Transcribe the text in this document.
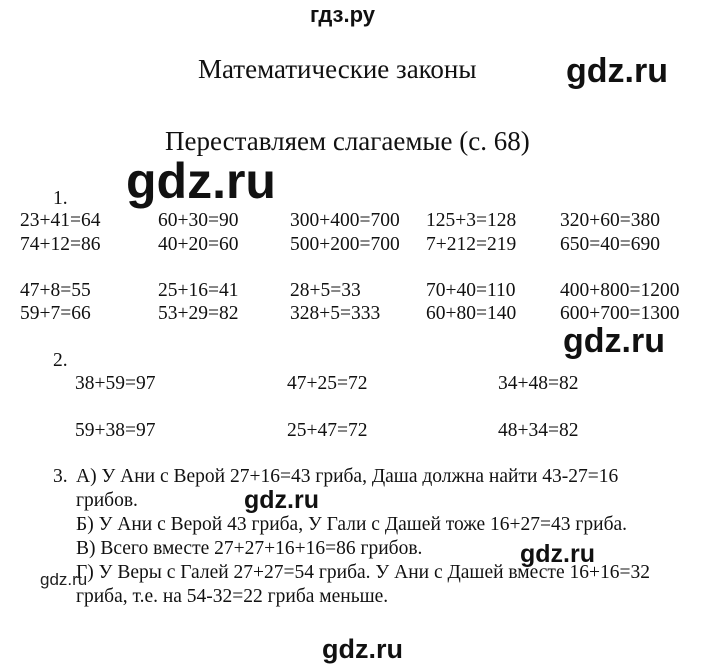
гдз.ру
gdz.ru
gdz.ru
gdz.ru
gdz.ru
gdz.ru
gdz.ru
gdz.ru
Математические законы
Переставляем слагаемые (с. 68)
1.
23+41=64	60+30=90	300+400=700 125+3=128 320+60=380
74+12=86	40+20=60	500+200=700 7+212=219 650=40=690
47+8=55	25+16=41	28+5=33	70+40=110 400+800=1200
59+7=66	53+29=82	328+5=333 60+80=140 600+700=1300
2.
38+59=97	47+25=72	34+48=82
59+38=97	25+47=72	48+34=82
3. А) У Ани с Верой 27+16=43 гриба, Даша должна найти 43-27=16
грибов.
Б) У Ани с Верой 43 гриба, У Гали с Дашей тоже 16+27=43 гриба.
В) Всего вместе 27+27+16+16=86 грибов.
Г) У Веры с Галей 27+27=54 гриба. У Ани с Дашей вместе 16+16=32
гриба, т.е. на 54-32=22 гриба меньше.
